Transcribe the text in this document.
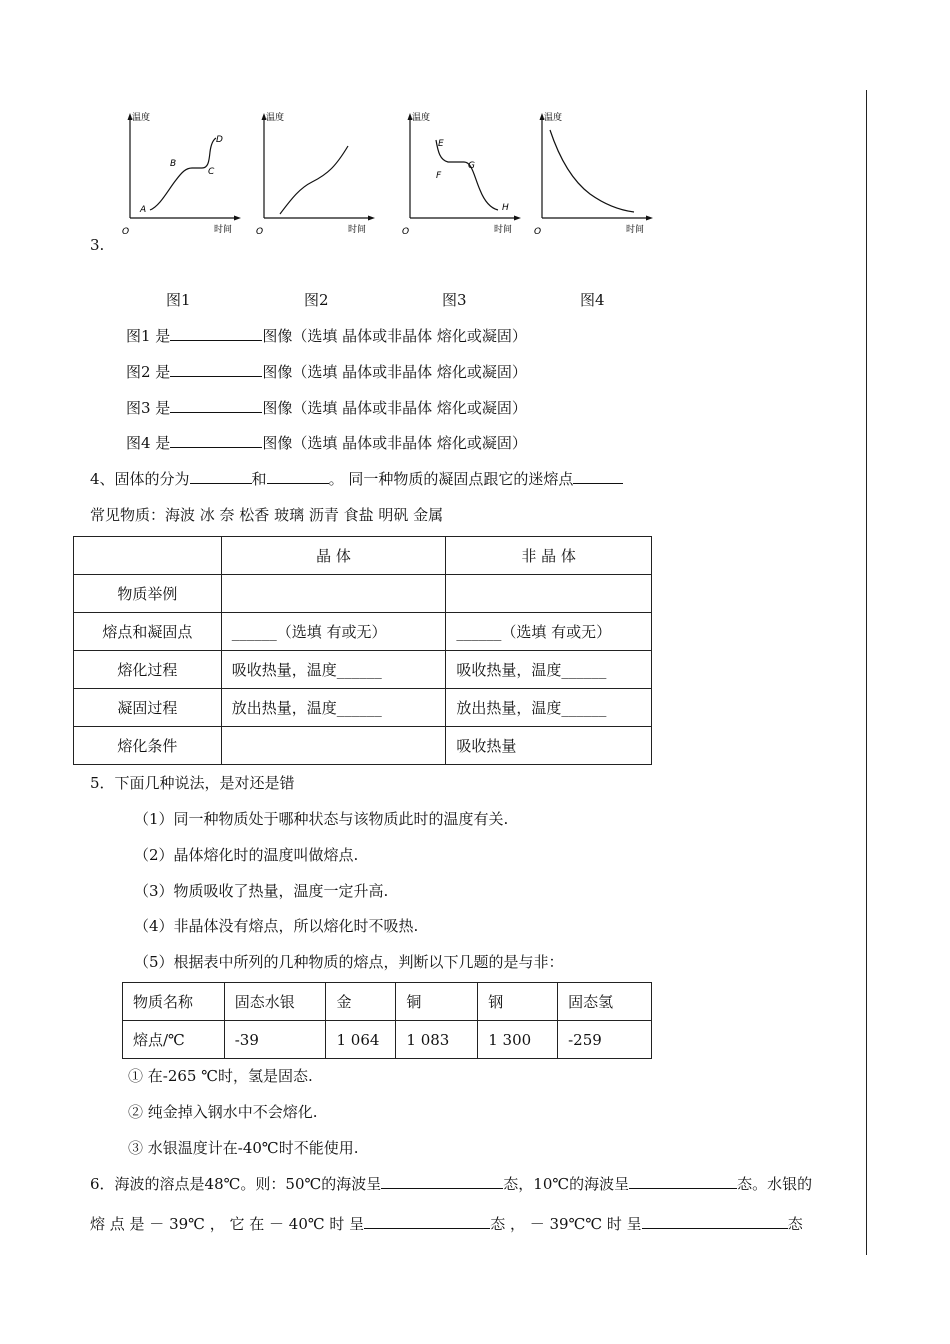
3.
温度
时间
O
A
B
C
D
温度
时间
O
温度
时间
O
E
F
G
H
温度
时间
O
图1	图2	图3	图4
图1 是	图像（选填 晶体或非晶体 熔化或凝固）
图2 是	图像（选填 晶体或非晶体 熔化或凝固）
图3 是	图像（选填 晶体或非晶体 熔化或凝固）
图4 是	图像（选填 晶体或非晶体 熔化或凝固）
4、固体的分为	和	。 同一种物质的凝固点跟它的迷熔点
常见物质：海波 冰 奈 松香 玻璃 沥青 食盐 明矾 金属
	晶 体	非 晶 体
物质举例		
熔点和凝固点	______（选填 有或无）	______（选填 有或无）
熔化过程	吸收热量，温度______	吸收热量，温度______
凝固过程	放出热量，温度______	放出热量，温度______
熔化条件		吸收热量
5．下面几种说法，是对还是错
（1）同一种物质处于哪种状态与该物质此时的温度有关.
（2）晶体熔化时的温度叫做熔点.
（3）物质吸收了热量，温度一定升高.
（4）非晶体没有熔点，所以熔化时不吸热.
（5）根据表中所列的几种物质的熔点，判断以下几题的是与非：
物质名称	固态水银	金	铜	钢	固态氢
熔点/℃	-39	1 064	1 083	1 300	-259
① 在-265 ℃时，氢是固态.
② 纯金掉入钢水中不会熔化.
③ 水银温度计在-40℃时不能使用.
6．海波的溶点是48℃。则：50℃的海波呈	态，10℃的海波呈	态。水银的
熔 点 是 － 39℃ ， 它 在 － 40℃ 时 呈	态 ， － 39℃℃ 时 呈	态
